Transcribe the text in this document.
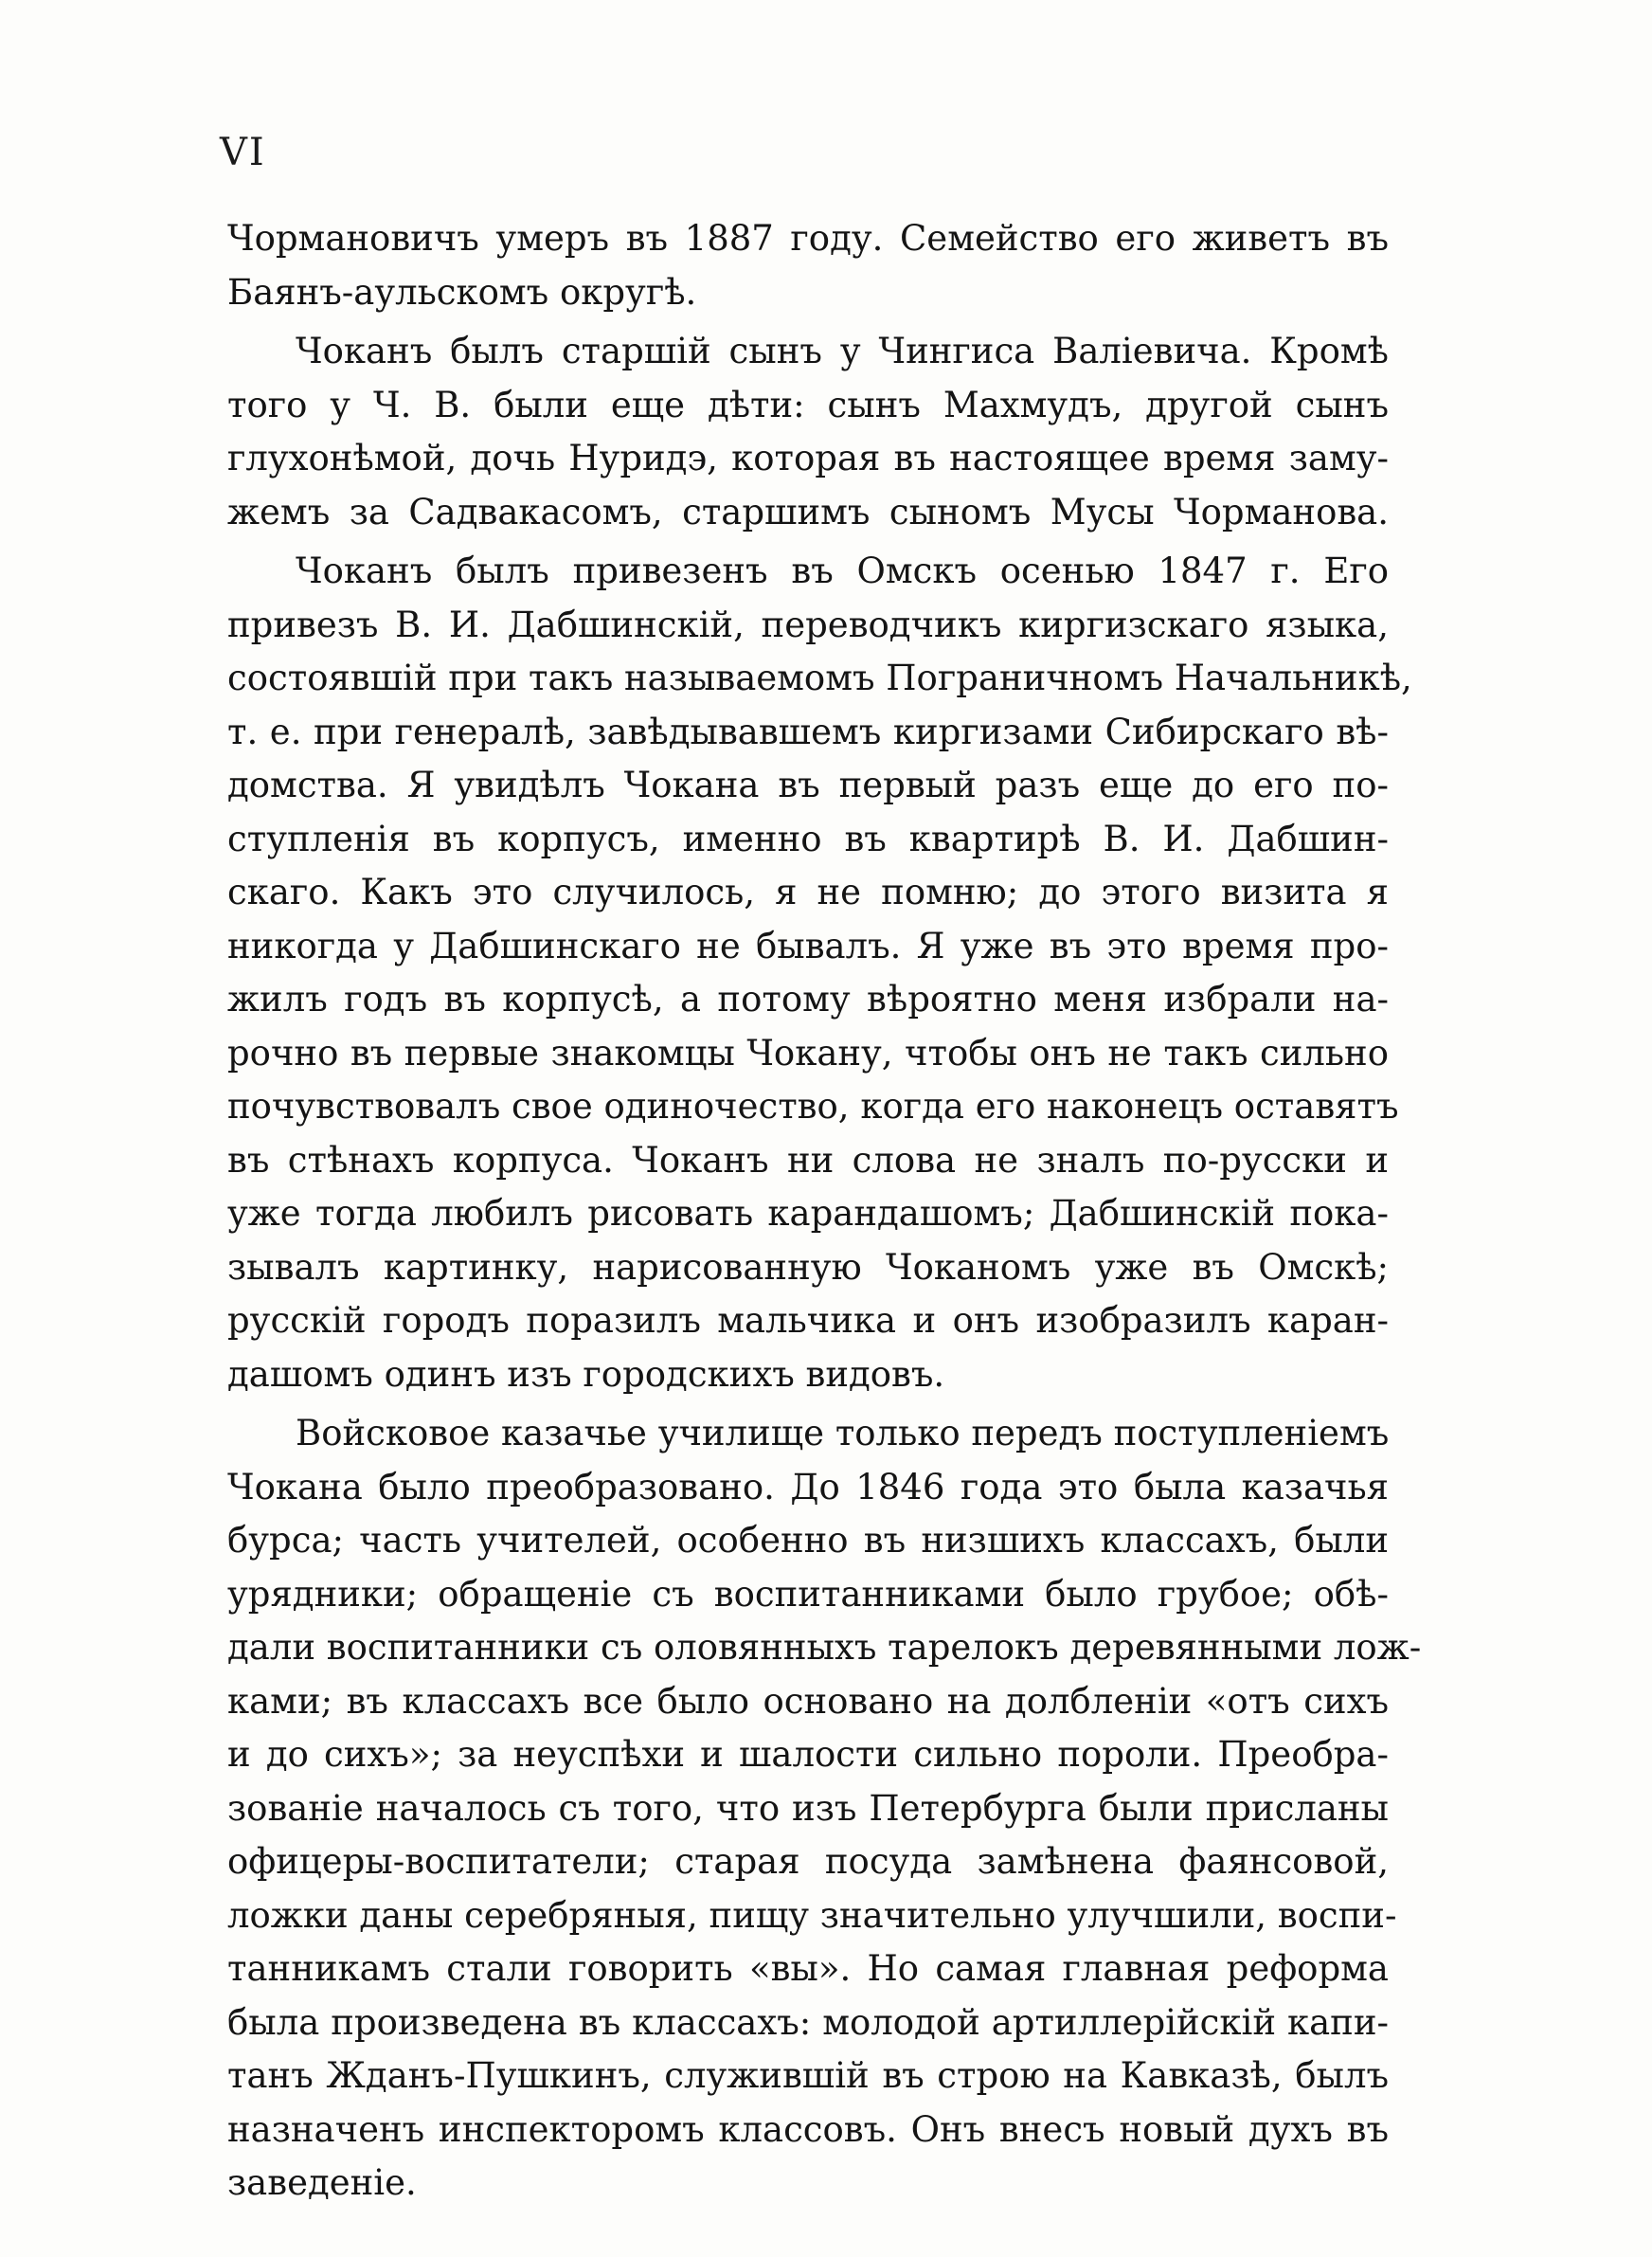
VI
Чормановичъ умеръ въ 1887 году. Семейство его живетъ въ
Баянъ-аульскомъ округѣ.
Чоканъ былъ старшій сынъ у Чингиса Валіевича. Кромѣ
того у Ч. В. были еще дѣти: сынъ Махмудъ, другой сынъ
глухонѣмой, дочь Нуридэ, которая въ настоящее время заму-
жемъ за Садвакасомъ, старшимъ сыномъ Мусы Чорманова.
Чоканъ былъ привезенъ въ Омскъ осенью 1847 г. Его
привезъ В. И. Дабшинскій, переводчикъ киргизскаго языка,
состоявшій при такъ называемомъ Пограничномъ Начальникѣ,
т. е. при генералѣ, завѣдывавшемъ киргизами Сибирскаго вѣ-
домства. Я увидѣлъ Чокана въ первый разъ еще до его по-
ступленія въ корпусъ, именно въ квартирѣ В. И. Дабшин-
скаго. Какъ это случилось, я не помню; до этого визита я
никогда у Дабшинскаго не бывалъ. Я уже въ это время про-
жилъ годъ въ корпусѣ, а потому вѣроятно меня избрали на-
рочно въ первые знакомцы Чокану, чтобы онъ не такъ сильно
почувствовалъ свое одиночество, когда его наконецъ оставятъ
въ стѣнахъ корпуса. Чоканъ ни слова не зналъ по-русски и
уже тогда любилъ рисовать карандашомъ; Дабшинскій пока-
зывалъ картинку, нарисованную Чоканомъ уже въ Омскѣ;
русскій городъ поразилъ мальчика и онъ изобразилъ каран-
дашомъ одинъ изъ городскихъ видовъ.
Войсковое казачье училище только передъ поступленіемъ
Чокана было преобразовано. До 1846 года это была казачья
бурса; часть учителей, особенно въ низшихъ классахъ, были
урядники; обращеніе съ воспитанниками было грубое; обѣ-
дали воспитанники съ оловянныхъ тарелокъ деревянными лож-
ками; въ классахъ все было основано на долбленіи «отъ сихъ
и до сихъ»; за неуспѣхи и шалости сильно пороли. Преобра-
зованіе началось съ того, что изъ Петербурга были присланы
офицеры-воспитатели; старая посуда замѣнена фаянсовой,
ложки даны серебряныя, пищу значительно улучшили, воспи-
танникамъ стали говорить «вы». Но самая главная реформа
была произведена въ классахъ: молодой артиллерійскій капи-
танъ Жданъ-Пушкинъ, служившій въ строю на Кавказѣ, былъ
назначенъ инспекторомъ классовъ. Онъ внесъ новый духъ въ
заведеніе.
